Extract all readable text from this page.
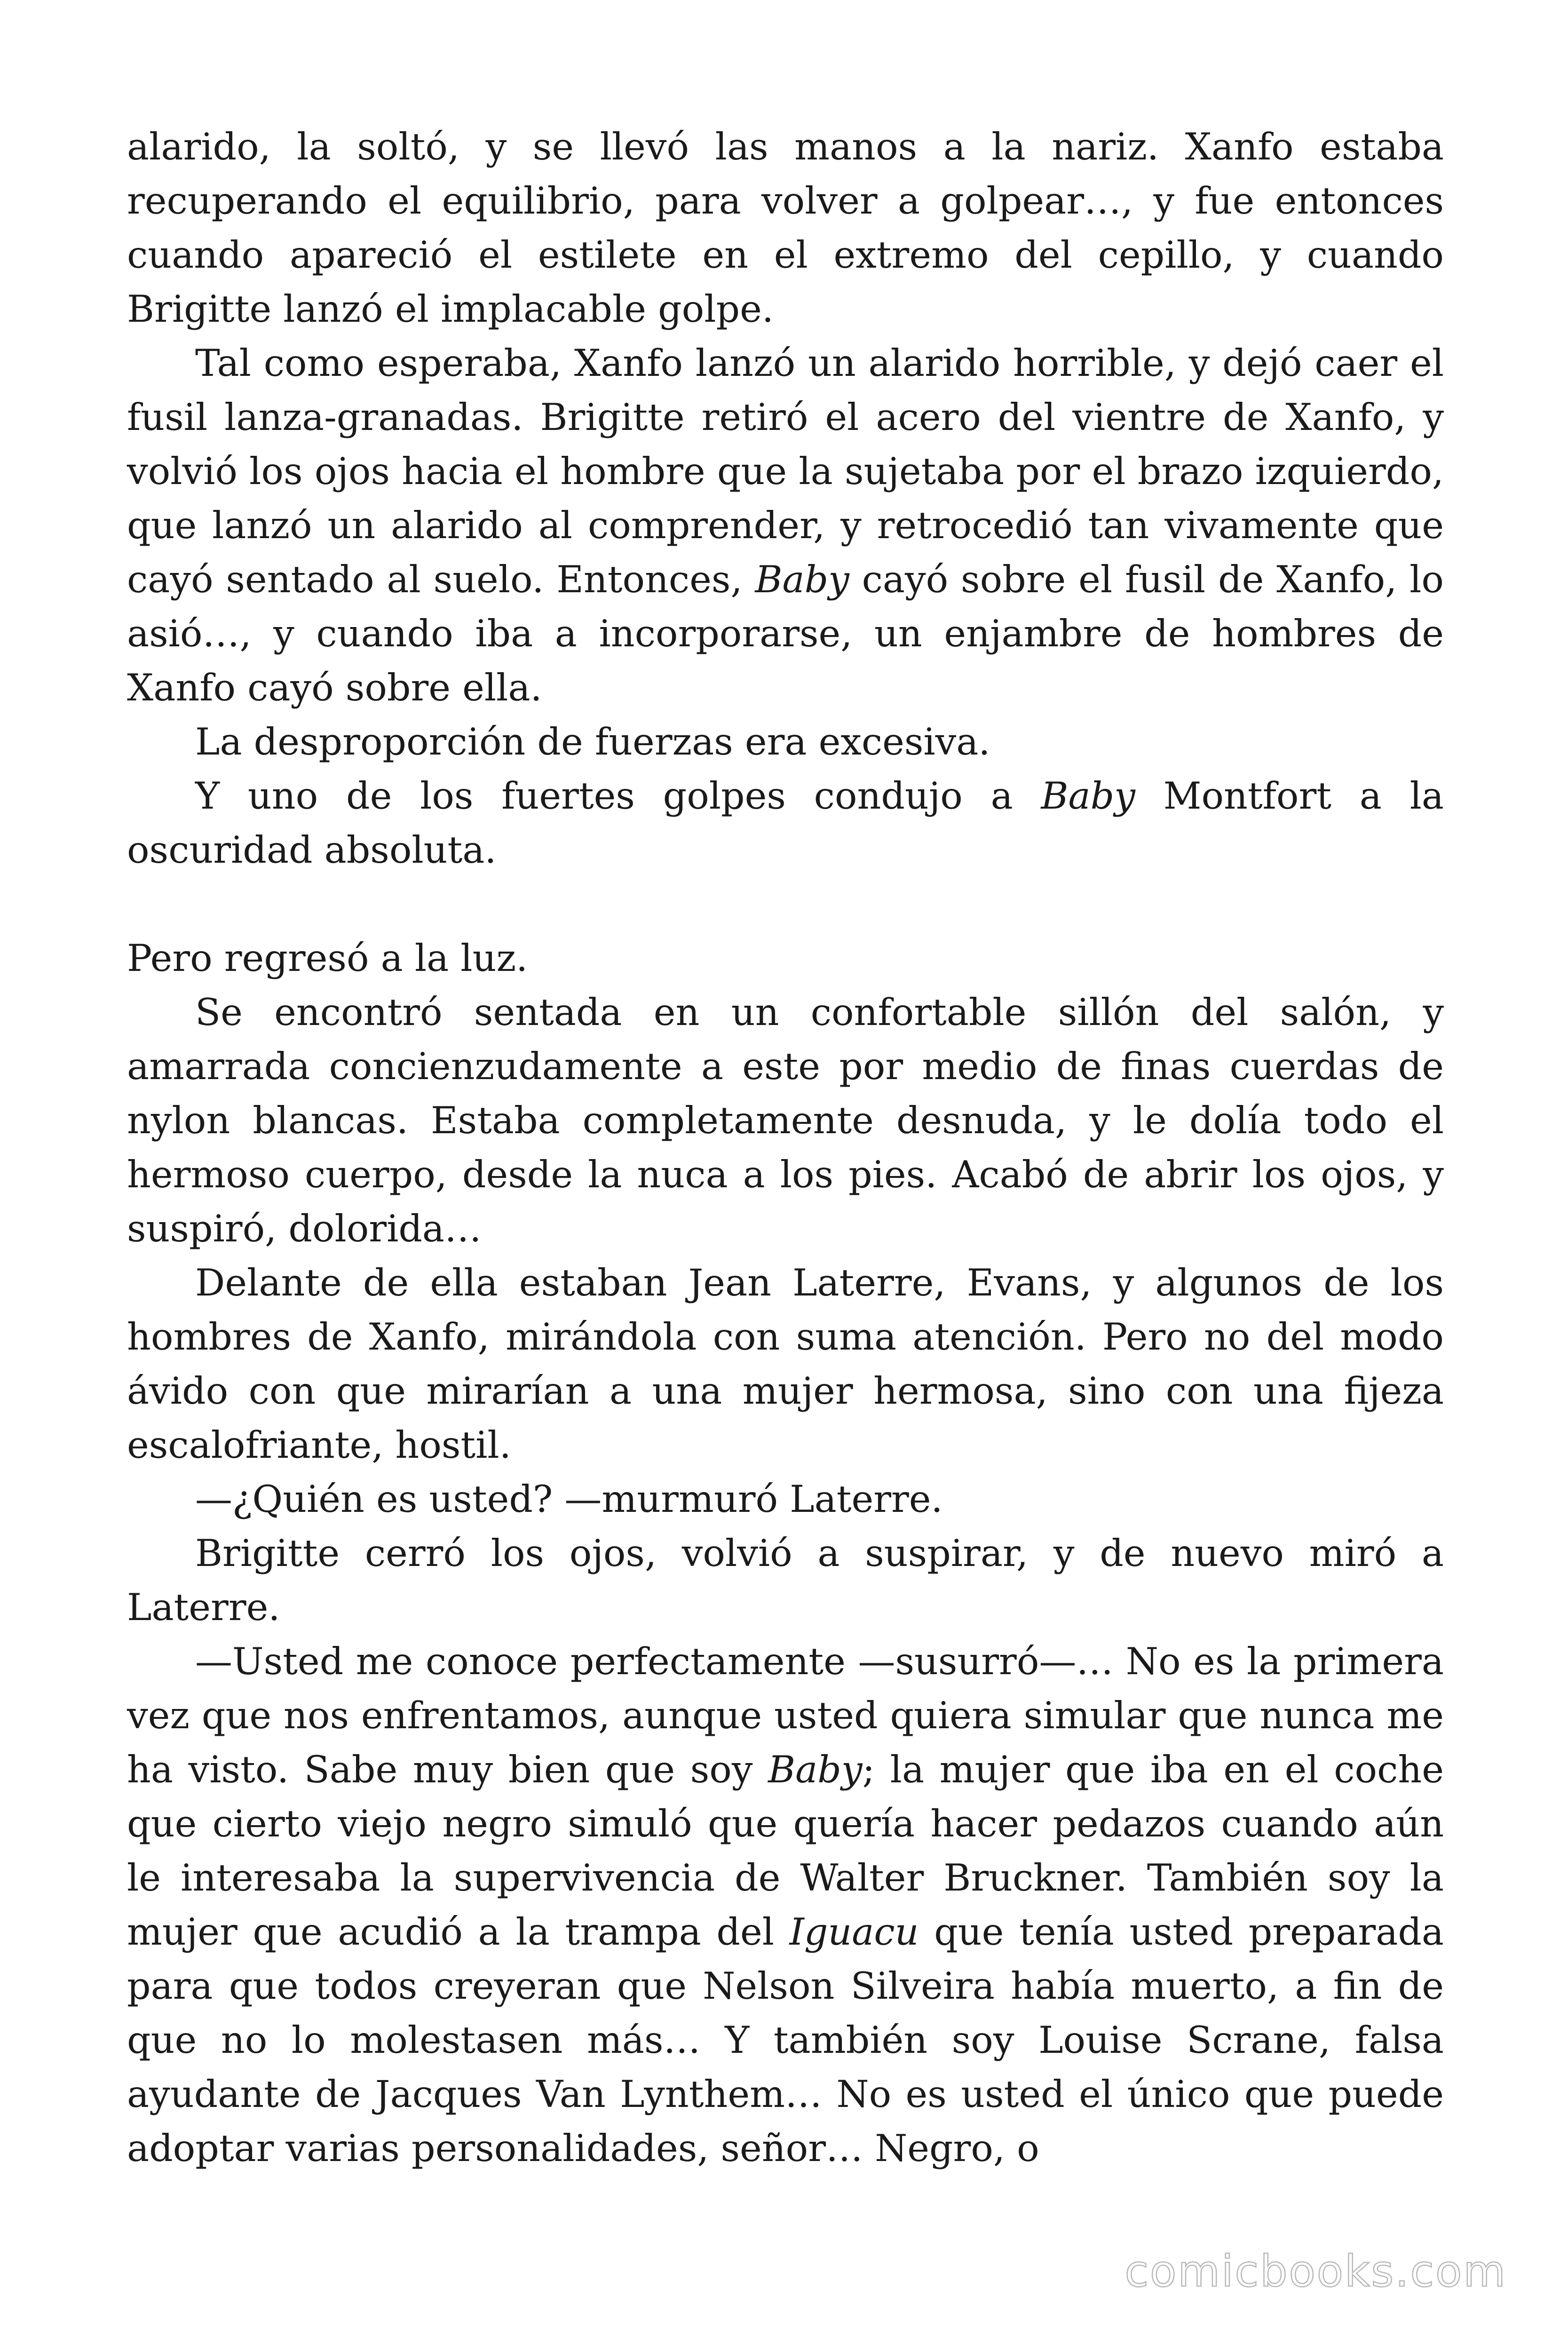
alarido, la soltó, y se llevó las manos a la nariz. Xanfo estaba recuperando el equilibrio, para volver a golpear…, y fue entonces cuando apareció el estilete en el extremo del cepillo, y cuando Brigitte lanzó el implacable golpe.

Tal como esperaba, Xanfo lanzó un alarido horrible, y dejó caer el fusil lanza-granadas. Brigitte retiró el acero del vientre de Xanfo, y volvió los ojos hacia el hombre que la sujetaba por el brazo izquierdo, que lanzó un alarido al comprender, y retrocedió tan vivamente que cayó sentado al suelo. Entonces, Baby cayó sobre el fusil de Xanfo, lo asió…, y cuando iba a incorporarse, un enjambre de hombres de Xanfo cayó sobre ella.

La desproporción de fuerzas era excesiva.

Y uno de los fuertes golpes condujo a Baby Montfort a la oscuridad absoluta.

Pero regresó a la luz.

Se encontró sentada en un confortable sillón del salón, y amarrada concienzudamente a este por medio de finas cuerdas de nylon blancas. Estaba completamente desnuda, y le dolía todo el hermoso cuerpo, desde la nuca a los pies. Acabó de abrir los ojos, y suspiró, dolorida…

Delante de ella estaban Jean Laterre, Evans, y algunos de los hombres de Xanfo, mirándola con suma atención. Pero no del modo ávido con que mirarían a una mujer hermosa, sino con una fijeza escalofriante, hostil.

—¿Quién es usted? —murmuró Laterre.

Brigitte cerró los ojos, volvió a suspirar, y de nuevo miró a Laterre.

—Usted me conoce perfectamente —susurró—… No es la primera vez que nos enfrentamos, aunque usted quiera simular que nunca me ha visto. Sabe muy bien que soy Baby; la mujer que iba en el coche que cierto viejo negro simuló que quería hacer pedazos cuando aún le interesaba la supervivencia de Walter Bruckner. También soy la mujer que acudió a la trampa del Iguacu que tenía usted preparada para que todos creyeran que Nelson Silveira había muerto, a fin de que no lo molestasen más… Y también soy Louise Scrane, falsa ayudante de Jacques Van Lynthem… No es usted el único que puede adoptar varias personalidades, señor… Negro, o

comicbooks.com
